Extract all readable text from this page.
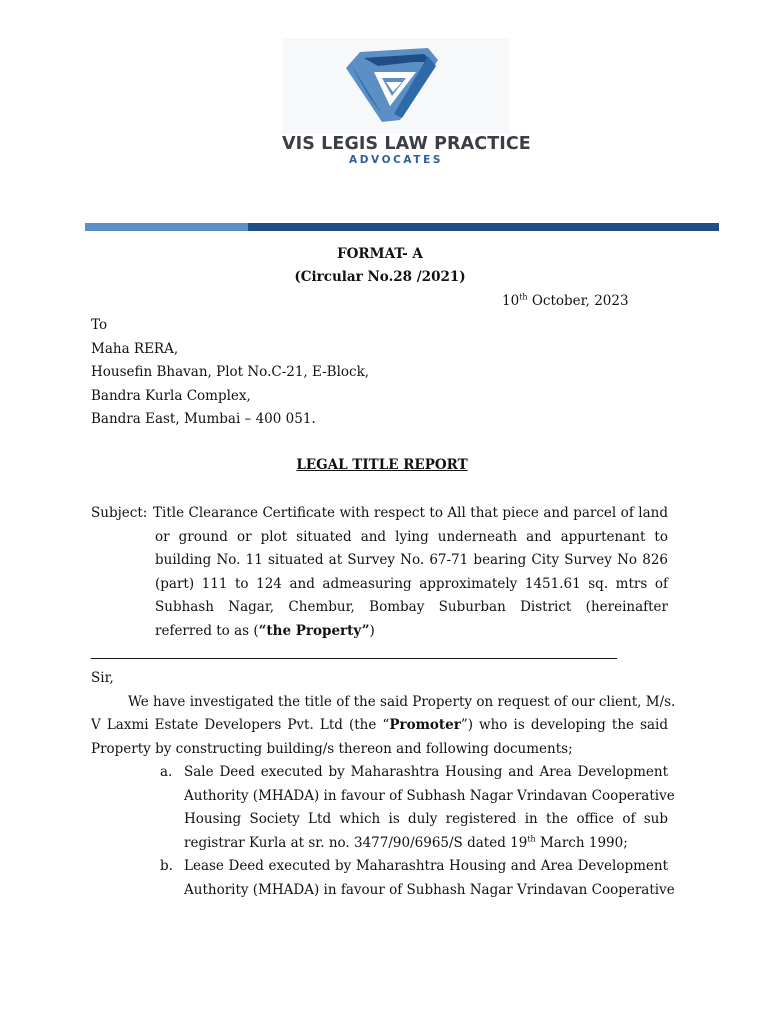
VIS LEGIS LAW PRACTICE
ADVOCATES
FORMAT- A
(Circular No.28 /2021)
10th October, 2023
To
Maha RERA,
Housefin Bhavan, Plot No.C-21, E-Block,
Bandra Kurla Complex,
Bandra East, Mumbai – 400 051.
LEGAL TITLE REPORT
Subject: Title Clearance Certificate with respect to All that piece and parcel of land
or ground or plot situated and lying underneath and appurtenant to
building No. 11 situated at Survey No. 67-71 bearing City Survey No 826
(part) 111 to 124 and admeasuring approximately 1451.61 sq. mtrs of
Subhash Nagar, Chembur, Bombay Suburban District (hereinafter
referred to as (“the Property”)
Sir,
We have investigated the title of the said Property on request of our client, M/s.
V Laxmi Estate Developers Pvt. Ltd (the “Promoter”) who is developing the said
Property by constructing building/s thereon and following documents;
a. Sale Deed executed by Maharashtra Housing and Area Development
Authority (MHADA) in favour of Subhash Nagar Vrindavan Cooperative
Housing Society Ltd which is duly registered in the office of sub
registrar Kurla at sr. no. 3477/90/6965/S dated 19th March 1990;
b. Lease Deed executed by Maharashtra Housing and Area Development
Authority (MHADA) in favour of Subhash Nagar Vrindavan Cooperative
